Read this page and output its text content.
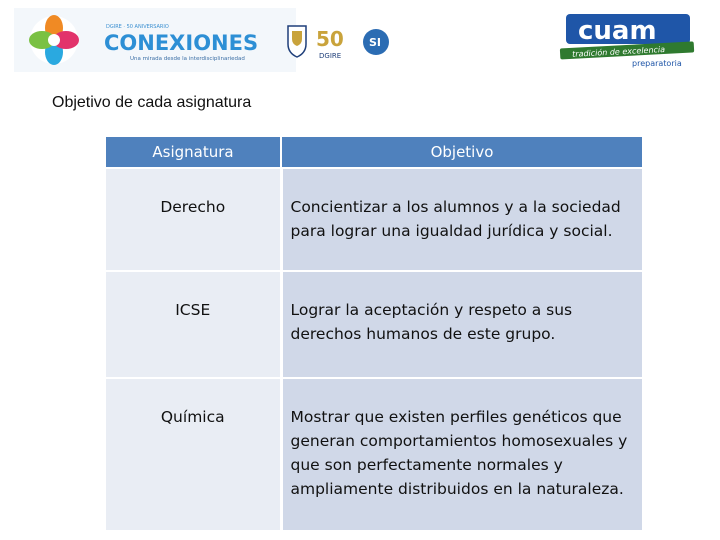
DGIRE · 50 ANIVERSARIO
CONEXIONES
Una mirada desde la interdisciplinariedad
50
DGIRE
SI	cuam
tradición de excelencia
preparatoria
Objetivo de cada asignatura
Asignatura	Objetivo
Derecho	Concientizar a los alumnos y a la sociedad para lograr una igualdad jurídica y social.
ICSE	Lograr la aceptación y respeto a sus derechos humanos de este grupo.
Química	Mostrar que existen perfiles genéticos que generan comportamientos homosexuales y que son perfectamente normales y ampliamente distribuidos en la naturaleza.
